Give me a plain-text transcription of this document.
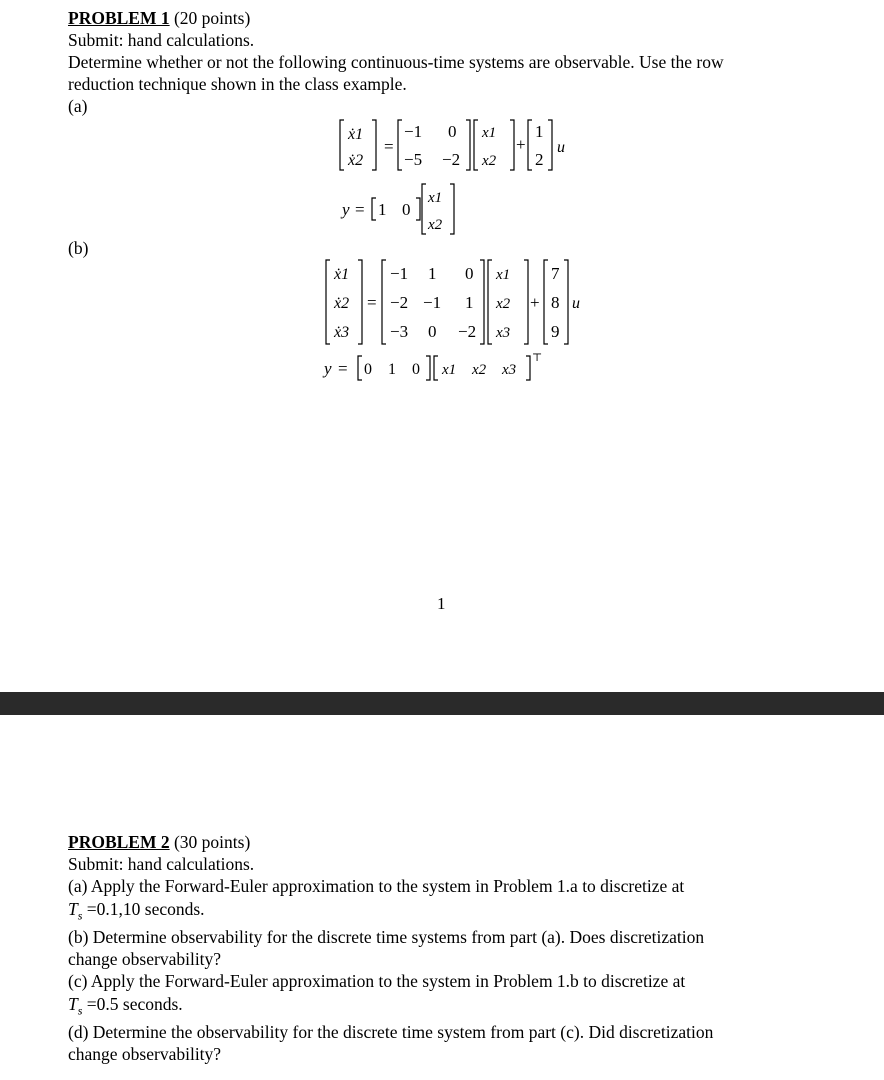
PROBLEM 1 (20 points)
Submit: hand calculations.
Determine whether or not the following continuous-time systems are observable. Use the row
reduction technique shown in the class example.
(a)
ẋ1
ẋ2
=
−1 0
−5 −2
x1
x2
+
1
2
u
y = 1 0
x1
x2
(b)
ẋ1
ẋ2
ẋ3
=
−1 1 0
−2 −1 1
−3 0 −2
x1
x2
x3
+
7
8
9
u
y = 0 1 0 x1 x2 x3
⊤
1
PROBLEM 2 (30 points)
Submit: hand calculations.
(a) Apply the Forward-Euler approximation to the system in Problem 1.a to discretize at
$T_s =0.1,10$ seconds.
(b) Determine observability for the discrete time systems from part (a). Does discretization
change observability?
(c) Apply the Forward-Euler approximation to the system in Problem 1.b to discretize at
$T_s =0.5$ seconds.
(d) Determine the observability for the discrete time system from part (c). Did discretization
change observability?
